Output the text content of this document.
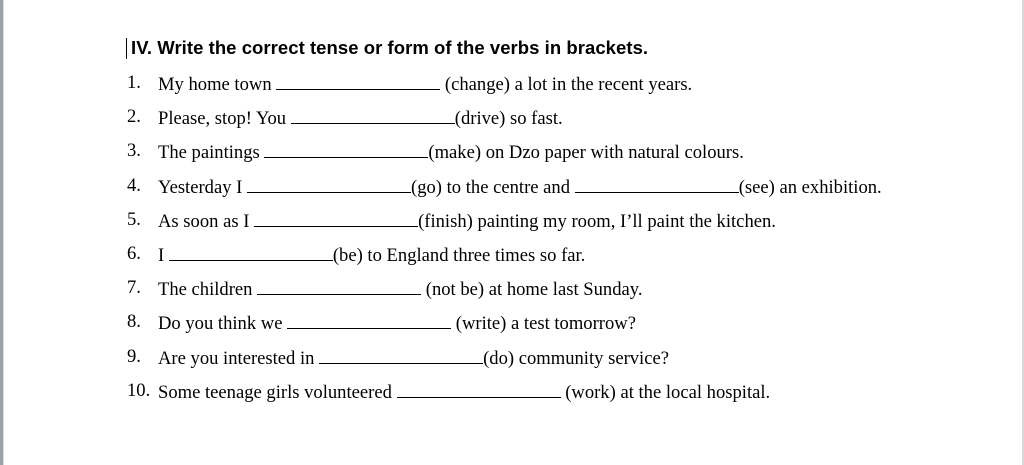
IV. Write the correct tense or form of the verbs in brackets.
1. My home town	(change) a lot in the recent years.
2. Please, stop! You	(drive) so fast.
3. The paintings	(make) on Dzo paper with natural colours.
4. Yesterday I	(go) to the centre and	(see) an exhibition.
5. As soon as I	(finish) painting my room, I’ll paint the kitchen.
6. I	(be) to England three times so far.
7. The children	(not be) at home last Sunday.
8. Do you think we	(write) a test tomorrow?
9. Are you interested in	(do) community service?
10. Some teenage girls volunteered	(work) at the local hospital.
